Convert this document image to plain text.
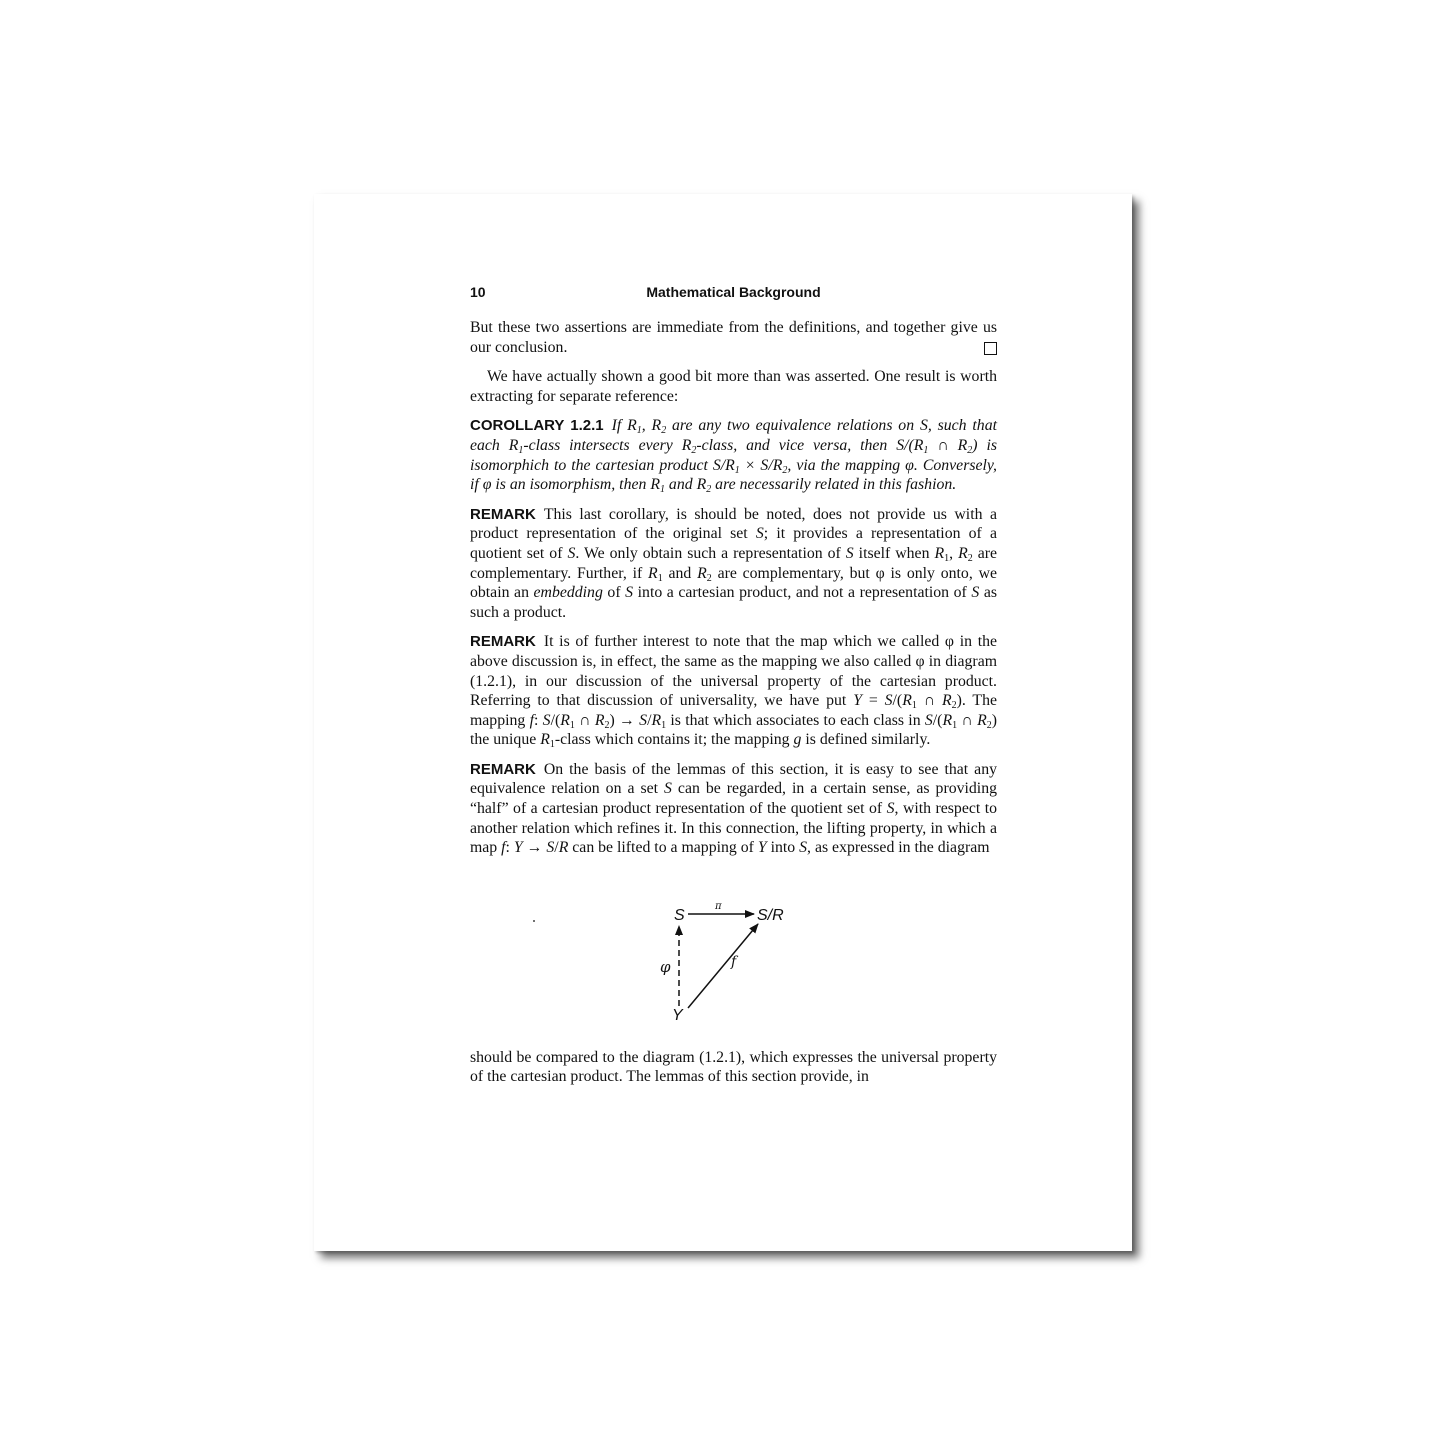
10	Mathematical Background

But these two assertions are immediate from the definitions, and together give us our conclusion.

We have actually shown a good bit more than was asserted. One result is worth extracting for separate reference:

COROLLARY 1.2.1 If $R_1$, $R_2$ are any two equivalence relations on S, such that each $R_1$-class intersects every $R_2$-class, and vice versa, then $S/(R_1$ ∩ $R_2$) is isomorphich to the cartesian product $S/R_1 \times S/R_2$, via the mapping φ. Conversely, if φ is an isomorphism, then $R_1$ and $R_2$ are necessarily related in this fashion.

REMARK This last corollary, is should be noted, does not provide us with a product representation of the original set S; it provides a representation of a quotient set of S. We only obtain such a representation of S itself when $R_1$, $R_2$ are complementary. Further, if $R_1$ and $R_2$ are complementary, but φ is only onto, we obtain an embedding of S into a cartesian product, and not a representation of S as such a product.

REMARK It is of further interest to note that the map which we called φ in the above discussion is, in effect, the same as the mapping we also called φ in diagram (1.2.1), in our discussion of the universal property of the cartesian product. Referring to that discussion of universality, we have put $Y = S/(R_1$ ∩ $R_2$). The mapping f: $S/(R_1$ ∩ $R_2) \to S/R_1$ is that which associates to each class in $S/(R_1$ ∩ $R_2$) the unique $R_1$-class which contains it; the mapping g is defined similarly.

REMARK On the basis of the lemmas of this section, it is easy to see that any equivalence relation on a set S can be regarded, in a certain sense, as providing “half” of a cartesian product representation of the quotient set of S, with respect to another relation which refines it. In this connection, the lifting property, in which a map f: Y → S/R can be lifted to a mapping of Y into S, as expressed in the diagram

S	S/R
Y
π
φ	f

should be compared to the diagram (1.2.1), which expresses the universal property of the cartesian product. The lemmas of this section provide, in
